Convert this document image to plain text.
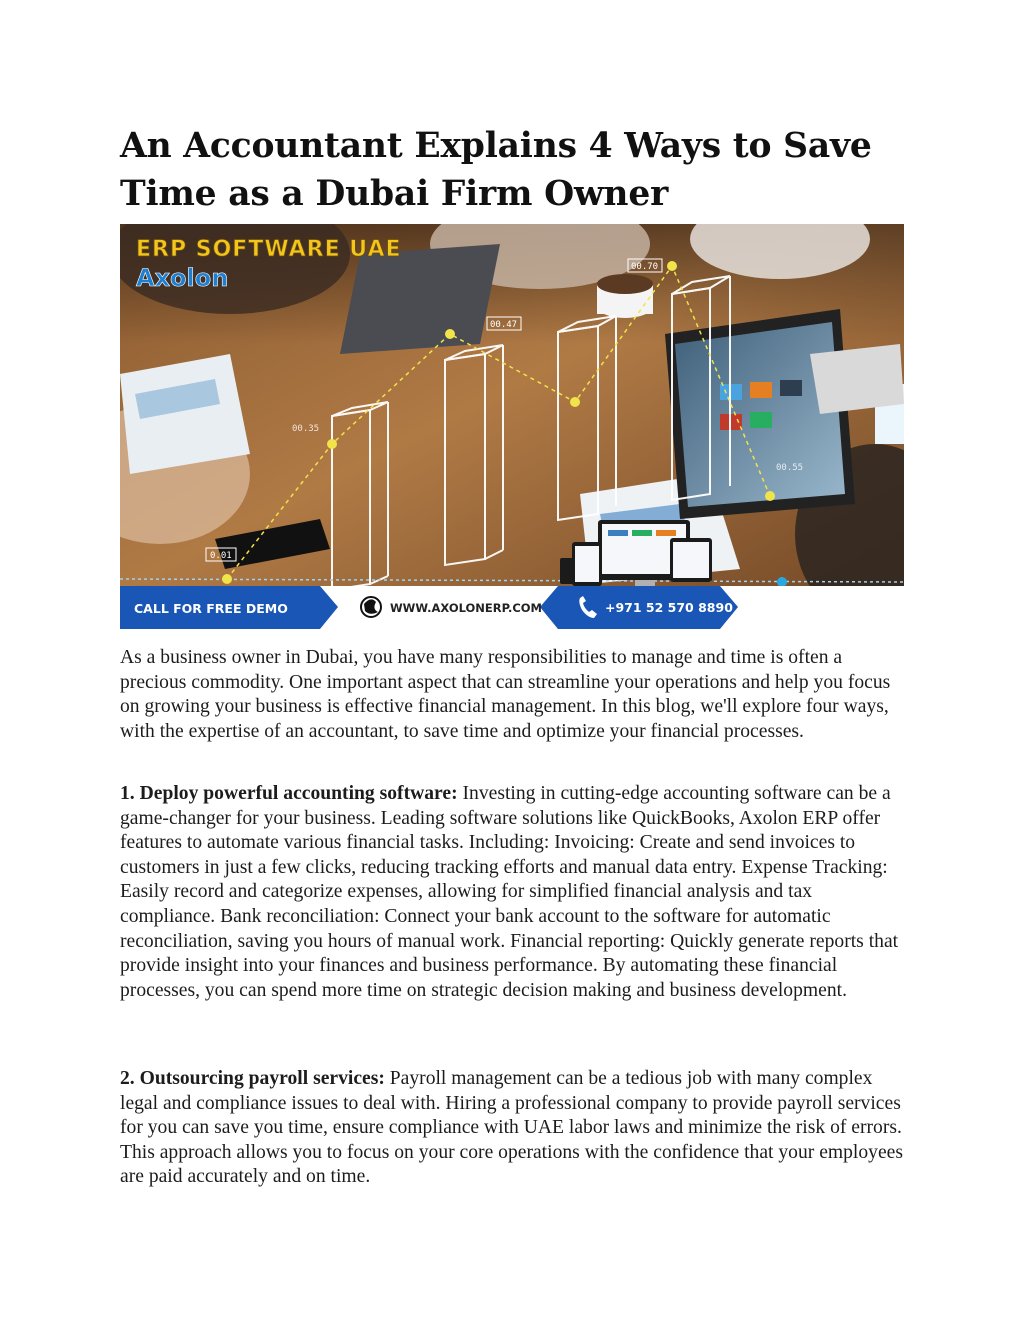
An Accountant Explains 4 Ways to Save Time as a Dubai Firm Owner
00.70
00.47
00.35
00.55
0.01
ERP SOFTWARE UAE
Axolon
CALL FOR FREE DEMO	WWW.AXOLONERP.COM	+971 52 570 8890

As a business owner in Dubai, you have many responsibilities to manage and time is often a precious commodity. One important aspect that can streamline your operations and help you focus on growing your business is effective financial management. In this blog, we'll explore four ways, with the expertise of an accountant, to save time and optimize your financial processes.

1. Deploy powerful accounting software: Investing in cutting-edge accounting software can be a game-changer for your business. Leading software solutions like QuickBooks, Axolon ERP offer features to automate various financial tasks. Including: Invoicing: Create and send invoices to customers in just a few clicks, reducing tracking efforts and manual data entry. Expense Tracking: Easily record and categorize expenses, allowing for simplified financial analysis and tax compliance. Bank reconciliation: Connect your bank account to the software for automatic reconciliation, saving you hours of manual work. Financial reporting: Quickly generate reports that provide insight into your finances and business performance. By automating these financial processes, you can spend more time on strategic decision making and business development.

2. Outsourcing payroll services: Payroll management can be a tedious job with many complex legal and compliance issues to deal with. Hiring a professional company to provide payroll services for you can save you time, ensure compliance with UAE labor laws and minimize the risk of errors. This approach allows you to focus on your core operations with the confidence that your employees are paid accurately and on time.
